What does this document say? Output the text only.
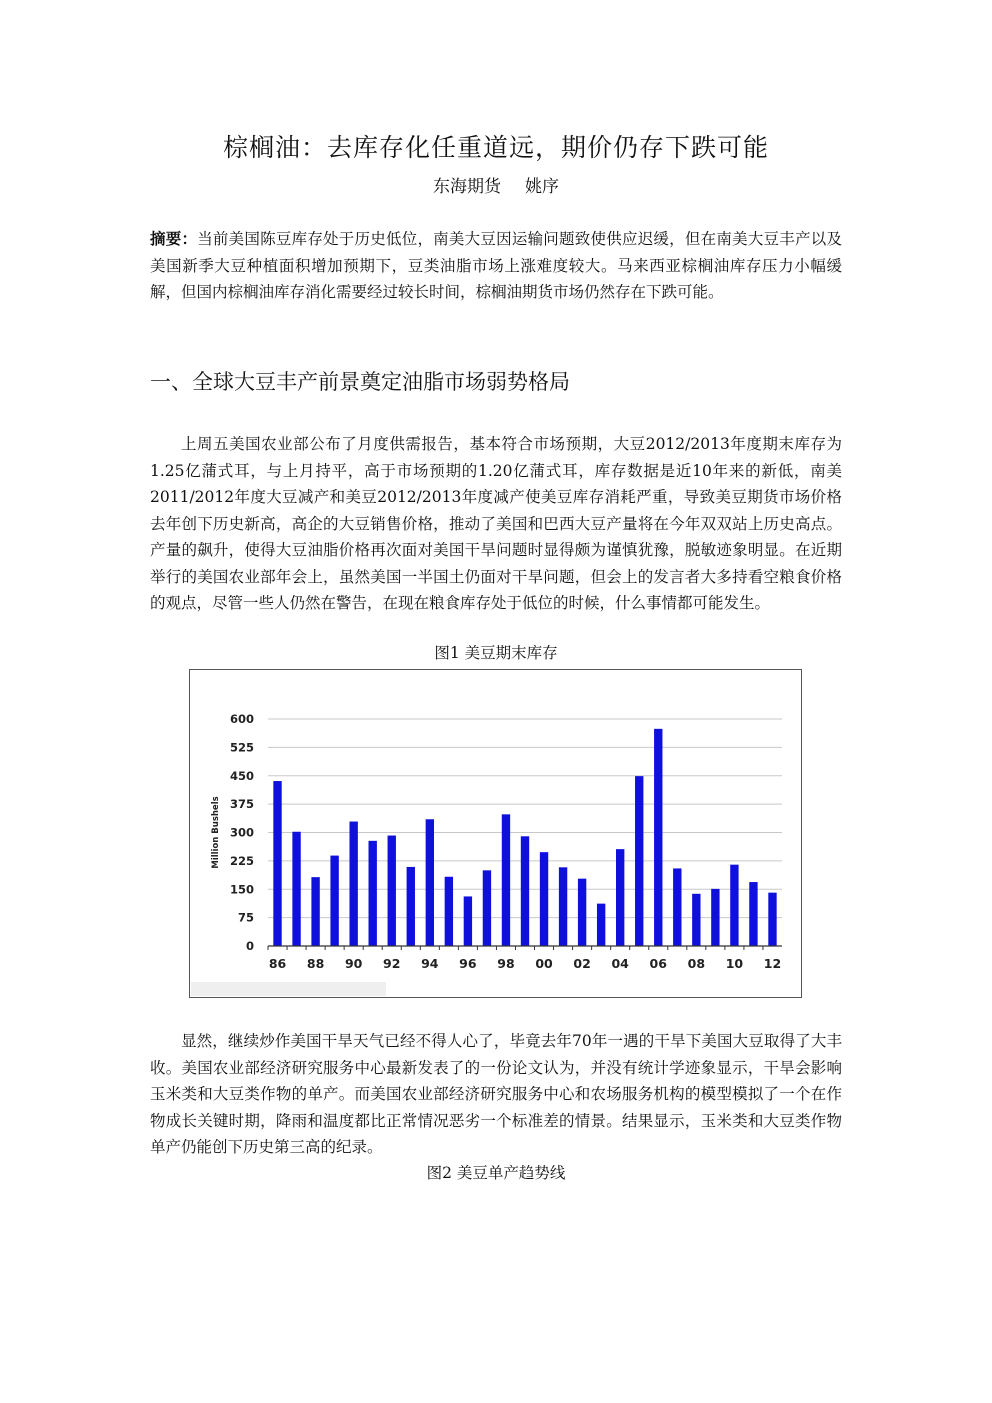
棕榈油：去库存化任重道远，期价仍存下跌可能
东海期货 姚序
摘要：当前美国陈豆库存处于历史低位，南美大豆因运输问题致使供应迟缓，但在南美大豆丰产以及美国新季大豆种植面积增加预期下，豆类油脂市场上涨难度较大。马来西亚棕榈油库存压力小幅缓解，但国内棕榈油库存消化需要经过较长时间，棕榈油期货市场仍然存在下跌可能。
一、全球大豆丰产前景奠定油脂市场弱势格局
上周五美国农业部公布了月度供需报告，基本符合市场预期，大豆2012/2013年度期末库存为1.25亿蒲式耳，与上月持平，高于市场预期的1.20亿蒲式耳，库存数据是近10年来的新低，南美2011/2012年度大豆减产和美豆2012/2013年度减产使美豆库存消耗严重，导致美豆期货市场价格去年创下历史新高，高企的大豆销售价格，推动了美国和巴西大豆产量将在今年双双站上历史高点。产量的飙升，使得大豆油脂价格再次面对美国干旱问题时显得颇为谨慎犹豫，脱敏迹象明显。在近期举行的美国农业部年会上，虽然美国一半国土仍面对干旱问题，但会上的发言者大多持看空粮食价格的观点，尽管一些人仍然在警告，在现在粮食库存处于低位的时候，什么事情都可能发生。
图1 美豆期末库存
0
75
150
225
300
375
450
525
600
Million Bushels
86 88 90 92 94 96 98 00 02 04 06 08 10 12
显然，继续炒作美国干旱天气已经不得人心了，毕竟去年70年一遇的干旱下美国大豆取得了大丰收。美国农业部经济研究服务中心最新发表了的一份论文认为，并没有统计学迹象显示，干旱会影响玉米类和大豆类作物的单产。而美国农业部经济研究服务中心和农场服务机构的模型模拟了一个在作物成长关键时期，降雨和温度都比正常情况恶劣一个标准差的情景。结果显示，玉米类和大豆类作物单产仍能创下历史第三高的纪录。
图2 美豆单产趋势线
